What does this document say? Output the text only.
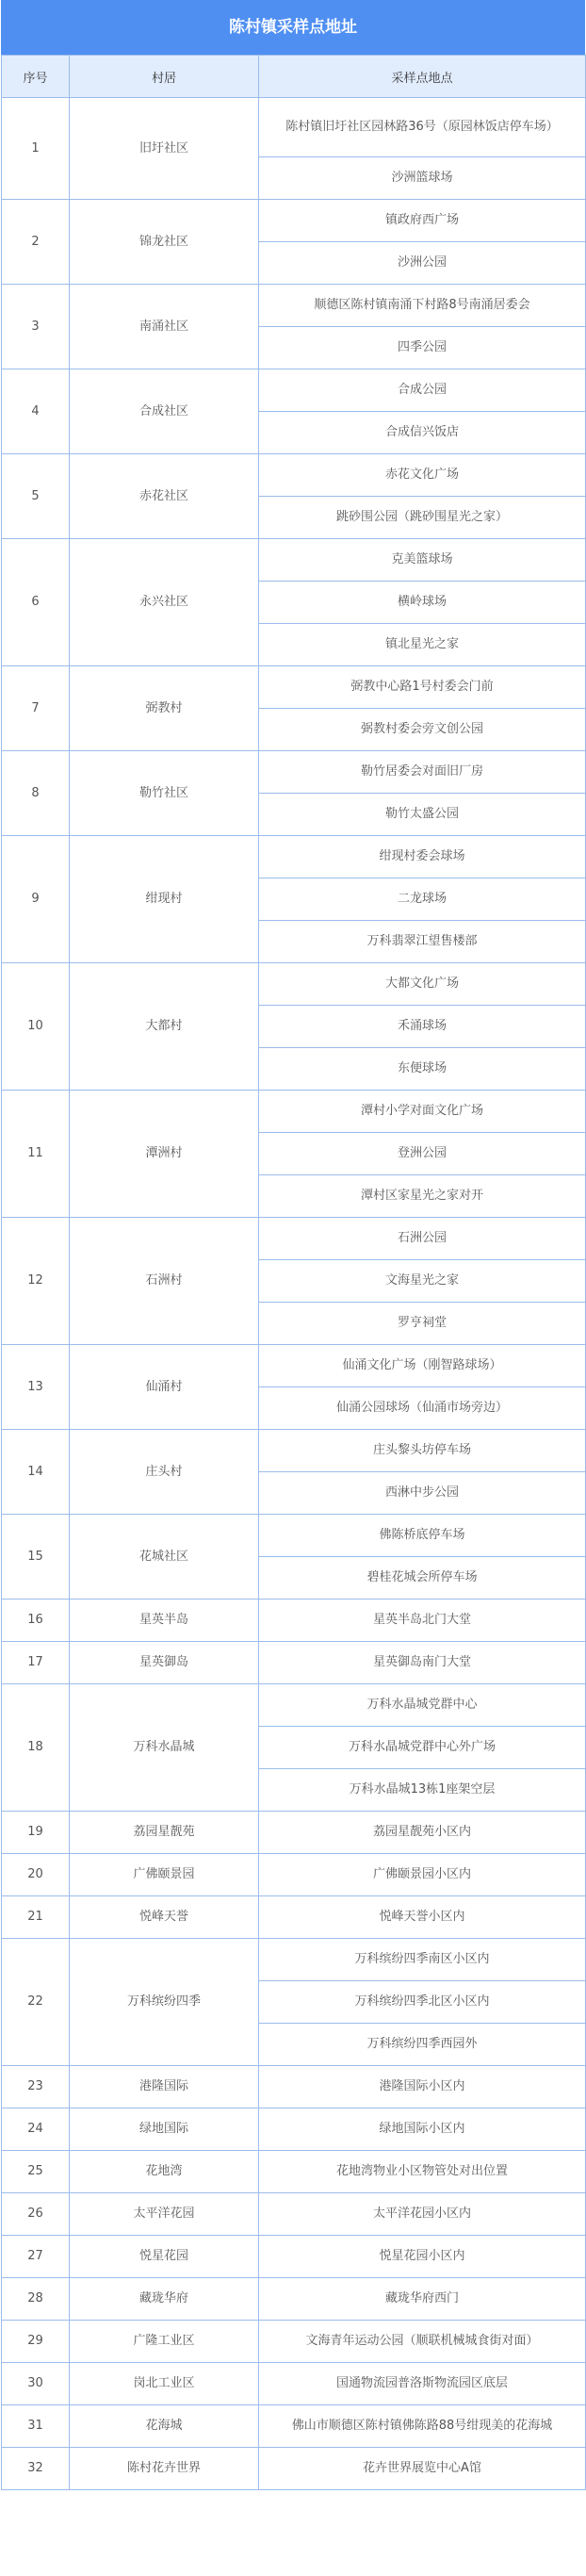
陈村镇采样点地址
序号	村居	采样点地点
1	旧圩社区	陈村镇旧圩社区园林路36号（原园林饭店停车场）
		沙洲篮球场
2	锦龙社区	镇政府西广场
		沙洲公园
3	南涌社区	顺德区陈村镇南涌下村路8号南涌居委会
		四季公园
4	合成社区	合成公园
		合成信兴饭店
5	赤花社区	赤花文化广场
		跳砂围公园（跳砂围星光之家）
6	永兴社区	克美篮球场
		横岭球场
		镇北星光之家
7	弼教村	弼教中心路1号村委会门前
		弼教村委会旁文创公园
8	勒竹社区	勒竹居委会对面旧厂房
		勒竹太盛公园
9	绀现村	绀现村委会球场
		二龙球场
		万科翡翠江望售楼部
10	大都村	大都文化广场
		禾涌球场
		东便球场
11	潭洲村	潭村小学对面文化广场
		登洲公园
		潭村区家星光之家对开
12	石洲村	石洲公园
		文海星光之家
		罗亨祠堂
13	仙涌村	仙涌文化广场（刚智路球场）
		仙涌公园球场（仙涌市场旁边）
14	庄头村	庄头黎头坊停车场
		西淋中步公园
15	花城社区	佛陈桥底停车场
		碧桂花城会所停车场
16	星英半岛	星英半岛北门大堂
17	星英御岛	星英御岛南门大堂
18	万科水晶城	万科水晶城党群中心
		万科水晶城党群中心外广场
		万科水晶城13栋1座架空层
19	荔园星靓苑	荔园星靓苑小区内
20	广佛颐景园	广佛颐景园小区内
21	悦峰天誉	悦峰天誉小区内
22	万科缤纷四季	万科缤纷四季南区小区内
		万科缤纷四季北区小区内
		万科缤纷四季西园外
23	港隆国际	港隆国际小区内
24	绿地国际	绿地国际小区内
25	花地湾	花地湾物业小区物管处对出位置
26	太平洋花园	太平洋花园小区内
27	悦星花园	悦星花园小区内
28	藏珑华府	藏珑华府西门
29	广隆工业区	文海青年运动公园（顺联机械城食街对面）
30	岗北工业区	国通物流园普洛斯物流园区底层
31	花海城	佛山市顺德区陈村镇佛陈路88号绀现美的花海城
32	陈村花卉世界	花卉世界展览中心A馆
